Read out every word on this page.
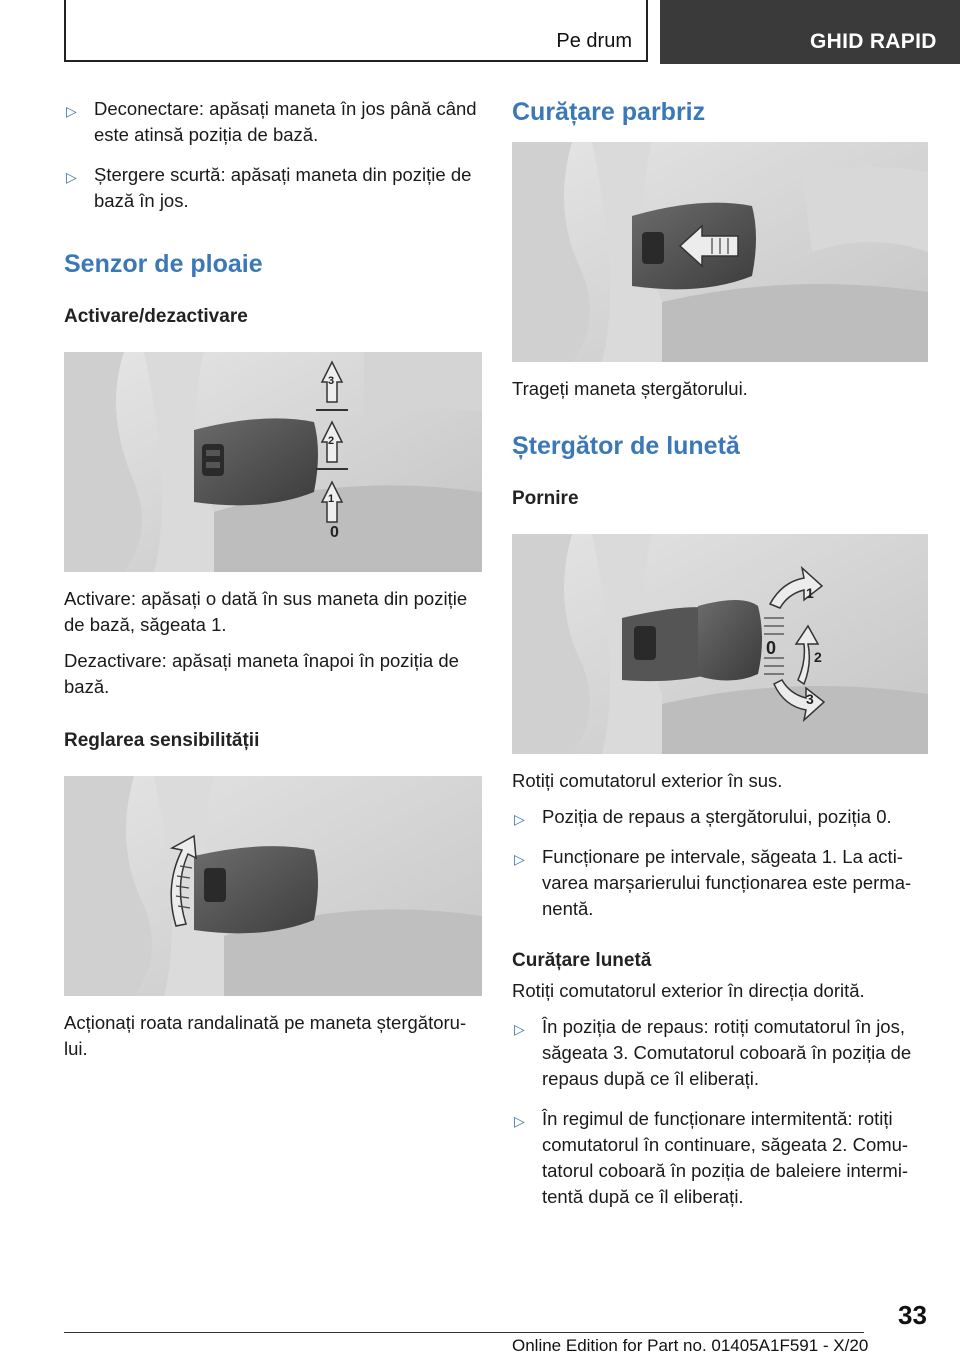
Pe drum	GHID RAPID
▷ Deconectare: apăsați maneta în jos până când este atinsă poziția de bază.
▷ Ștergere scurtă: apăsați maneta din poziție de bază în jos.
Senzor de ploaie
Activare/dezactivare
0
1
2
3

Activare: apăsați o dată în sus maneta din poziție de bază, săgeata 1.

Dezactivare: apăsați maneta înapoi în poziția de bază.

Reglarea sensibilității

Acționați roata randalinată pe maneta ștergătoru-lui.

Curățare parbriz

Trageți maneta ștergătorului.

Ștergător de lunetă
Pornire
1
0	2
3

Rotiți comutatorul exterior în sus.

▷ Poziția de repaus a ștergătorului, poziția 0.
▷ Funcționare pe intervale, săgeata 1. La acti-varea marșarierului funcționarea este perma-nentă.
Curățare lunetă

Rotiți comutatorul exterior în direcția dorită.

▷ În poziția de repaus: rotiți comutatorul în jos, săgeata 3. Comutatorul coboară în poziția de repaus după ce îl eliberați.
▷ În regimul de funcționare intermitentă: rotiți comutatorul în continuare, săgeata 2. Comu-tatorul coboară în poziția de baleiere intermi-tentă după ce îl eliberați.
33
Online Edition for Part no. 01405A1F591 - X/20
